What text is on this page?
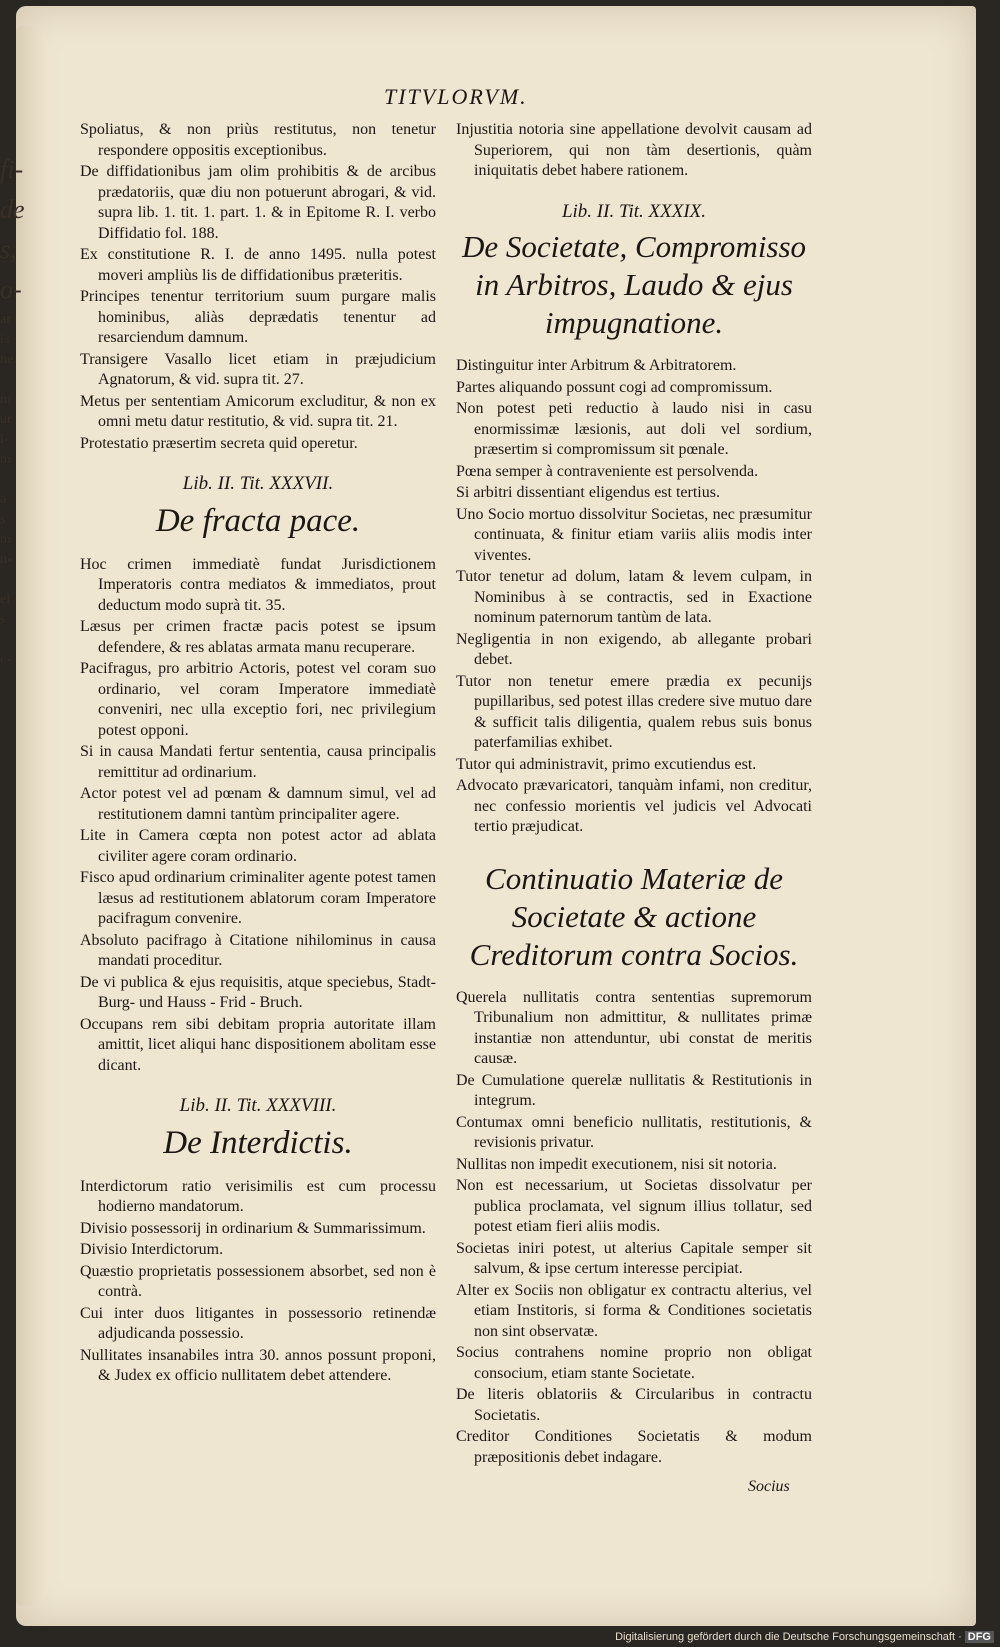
fi-
de
s,
o-
ar
is
ne

m
ur
i-
m

a
s
m
n-

el
s

c-
TITVLORVM.
Spoliatus, & non priùs restitutus, non tenetur respondere oppositis exceptionibus.
De diffidationibus jam olim prohibitis & de arcibus prædatoriis, quæ diu non potuerunt abrogari, & vid. supra lib. 1. tit. 1. part. 1. & in Epitome R. I. verbo Diffidatio fol. 188.
Ex constitutione R. I. de anno 1495. nulla potest moveri ampliùs lis de diffidationibus præteritis.
Principes tenentur territorium suum purgare malis hominibus, aliàs deprædatis tenentur ad resarciendum damnum.
Transigere Vasallo licet etiam in præjudicium Agnatorum, & vid. supra tit. 27.
Metus per sententiam Amicorum excluditur, & non ex omni metu datur restitutio, & vid. supra tit. 21.
Protestatio præsertim secreta quid operetur.
Lib. II. Tit. XXXVII.
De fracta pace.
Hoc crimen immediatè fundat Jurisdictionem Imperatoris contra mediatos & immediatos, prout deductum modo suprà tit. 35.
Læsus per crimen fractæ pacis potest se ipsum defendere, & res ablatas armata manu recuperare.
Pacifragus, pro arbitrio Actoris, potest vel coram suo ordinario, vel coram Imperatore immediatè conveniri, nec ulla exceptio fori, nec privilegium potest opponi.
Si in causa Mandati fertur sententia, causa principalis remittitur ad ordinarium.
Actor potest vel ad pœnam & damnum simul, vel ad restitutionem damni tantùm principaliter agere.
Lite in Camera cœpta non potest actor ad ablata civiliter agere coram ordinario.
Fisco apud ordinarium criminaliter agente potest tamen læsus ad restitutionem ablatorum coram Imperatore pacifragum convenire.
Absoluto pacifrago à Citatione nihilominus in causa mandati proceditur.
De vi publica & ejus requisitis, atque speciebus, Stadt- Burg- und Hauss - Frid - Bruch.
Occupans rem sibi debitam propria autoritate illam amittit, licet aliqui hanc dispositionem abolitam esse dicant.
Lib. II. Tit. XXXVIII.
De Interdictis.
Interdictorum ratio verisimilis est cum processu hodierno mandatorum.
Divisio possessorij in ordinarium & Summarissimum.
Divisio Interdictorum.
Quæstio proprietatis possessionem absorbet, sed non è contrà.
Cui inter duos litigantes in possessorio retinendæ adjudicanda possessio.
Nullitates insanabiles intra 30. annos possunt proponi, & Judex ex officio nullitatem debet attendere.
Injustitia notoria sine appellatione devolvit causam ad Superiorem, qui non tàm desertionis, quàm iniquitatis debet habere rationem.
Lib. II. Tit. XXXIX.
De Societate, Compromisso in Arbitros, Laudo & ejus impugnatione.
Distinguitur inter Arbitrum & Arbitratorem.
Partes aliquando possunt cogi ad compromissum.
Non potest peti reductio à laudo nisi in casu enormissimæ læsionis, aut doli vel sordium, præsertim si compromissum sit pœnale.
Pœna semper à contraveniente est persolvenda.
Si arbitri dissentiant eligendus est tertius.
Uno Socio mortuo dissolvitur Societas, nec præsumitur continuata, & finitur etiam variis aliis modis inter viventes.
Tutor tenetur ad dolum, latam & levem culpam, in Nominibus à se contractis, sed in Exactione nominum paternorum tantùm de lata.
Negligentia in non exigendo, ab allegante probari debet.
Tutor non tenetur emere prædia ex pecunijs pupillaribus, sed potest illas credere sive mutuo dare & sufficit talis diligentia, qualem rebus suis bonus paterfamilias exhibet.
Tutor qui administravit, primo excutiendus est.
Advocato prævaricatori, tanquàm infami, non creditur, nec confessio morientis vel judicis vel Advocati tertio præjudicat.
Continuatio Materiæ de Societate & actione Creditorum contra Socios.
Querela nullitatis contra sententias supremorum Tribunalium non admittitur, & nullitates primæ instantiæ non attenduntur, ubi constat de meritis causæ.
De Cumulatione querelæ nullitatis & Restitutionis in integrum.
Contumax omni beneficio nullitatis, restitutionis, & revisionis privatur.
Nullitas non impedit executionem, nisi sit notoria.
Non est necessarium, ut Societas dissolvatur per publica proclamata, vel signum illius tollatur, sed potest etiam fieri aliis modis.
Societas iniri potest, ut alterius Capitale semper sit salvum, & ipse certum interesse percipiat.
Alter ex Sociis non obligatur ex contractu alterius, vel etiam Institoris, si forma & Conditiones societatis non sint observatæ.
Socius contrahens nomine proprio non obligat consocium, etiam stante Societate.
De literis oblatoriis & Circularibus in contractu Societatis.
Creditor Conditiones Societatis & modum præpositionis debet indagare.
Socius
Digitalisierung gefördert durch die Deutsche Forschungsgemeinschaft · DFG
